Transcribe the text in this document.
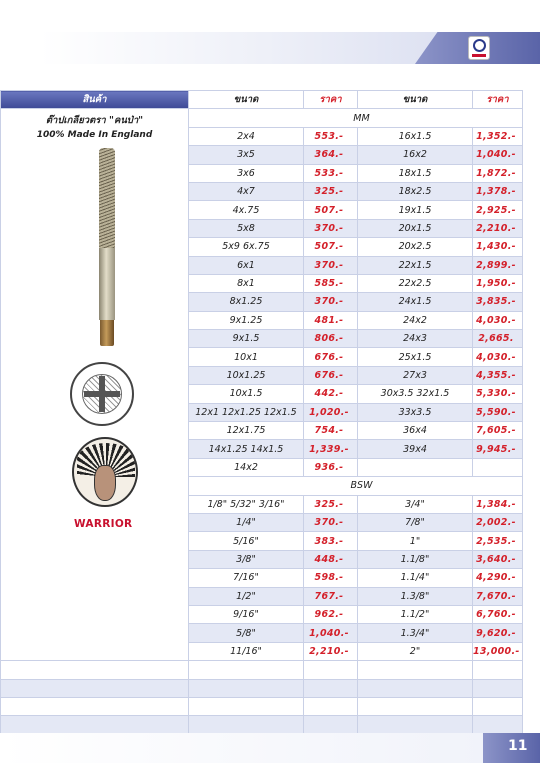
สินค้า	ขนาด	ราคา	ขนาด	ราคา

ต๊าปเกลียวตรา "คนป่า"
100% Made In England	MM			
	2x4	553.-	16x1.5	1,352.-
	3x5	364.-	16x2	1,040.-
	3x6	533.-	18x1.5	1,872.-
	4x7	325.-	18x2.5	1,378.-
	4x.75	507.-	19x1.5	2,925.-
	5x8	370.-	20x1.5	2,210.-
	5x9 6x.75	507.-	20x2.5	1,430.-
	6x1	370.-	22x1.5	2,899.-
	8x1	585.-	22x2.5	1,950.-
	8x1.25	370.-	24x1.5	3,835.-
	9x1.25	481.-	24x2	4,030.-
	9x1.5	806.-	24x3	2,665.
	10x1	676.-	25x1.5	4,030.-
	10x1.25	676.-	27x3	4,355.-
	10x1.5	442.-	30x3.5 32x1.5	5,330.-
	12x1 12x1.25 12x1.5	1,020.-	33x3.5	5,590.-
	12x1.75	754.-	36x4	7,605.-
	14x1.25 14x1.5	1,339.-	39x4	9,945.-
	14x2	936.-		
	BSW			
	1/8" 5/32" 3/16"	325.-	3/4"	1,384.-
	1/4"	370.-	7/8"	2,002.-
	5/16"	383.-	1"	2,535.-
	3/8"	448.-	1.1/8"	3,640.-
	7/16"	598.-	1.1/4"	4,290.-
	1/2"	767.-	1.3/8"	7,670.-
	9/16"	962.-	1.1/2"	6,760.-
	5/8"	1,040.-	1.3/4"	9,620.-
	11/16"	2,210.-	2"	13,000.-

WARRIOR
11
